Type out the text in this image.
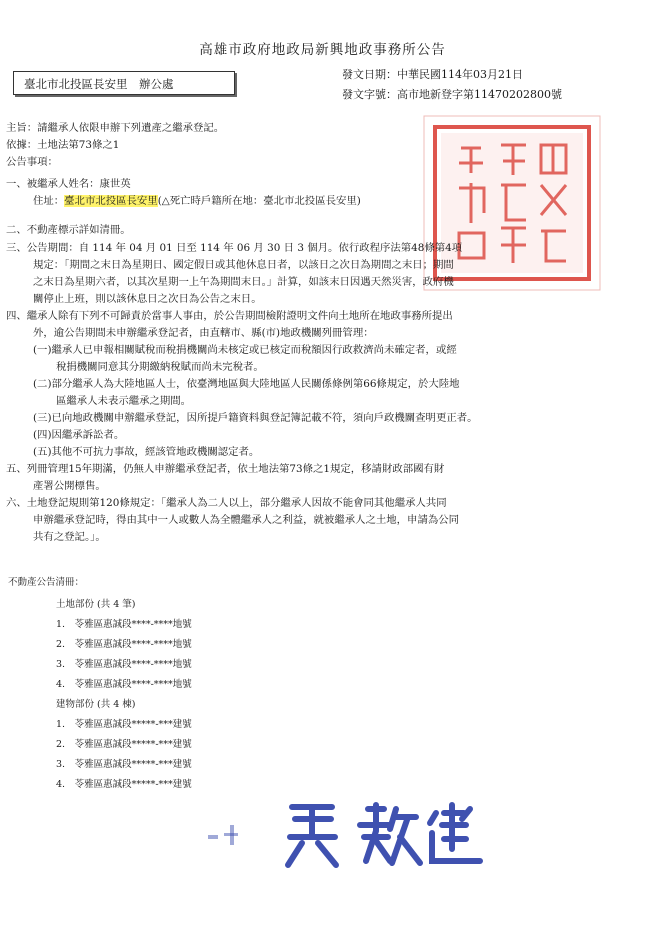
高雄市政府地政局新興地政事務所公告
臺北市北投區長安里　辦公處
發文日期：中華民國114年03月21日
發文字號：高市地新登字第11470202800號
主旨：請繼承人依限申辦下列遺產之繼承登記。
依據：土地法第73條之1
公告事項：
一、被繼承人姓名：康世英
住址：臺北市北投區長安里(△死亡時戶籍所在地：臺北市北投區長安里)
二、不動產標示詳如清冊。
三、公告期間：自 114 年 04 月 01 日至 114 年 06 月 30 日 3 個月。依行政程序法第48條第4項
規定：「期間之末日為星期日、國定假日或其他休息日者，以該日之次日為期間之末日；期間
之末日為星期六者，以其次星期一上午為期間末日。」計算，如該末日因遇天然災害，政府機
關停止上班，則以該休息日之次日為公告之末日。
四、繼承人除有下列不可歸責於當事人事由，於公告期間檢附證明文件向土地所在地政事務所提出
外，逾公告期間未申辦繼承登記者，由直轄市、縣(市)地政機關列冊管理：
(一)繼承人已申報相關賦稅而稅捐機關尚未核定或已核定而稅額因行政救濟尚未確定者，或經
稅捐機關同意其分期繳納稅賦而尚未完稅者。
(二)部分繼承人為大陸地區人士，依臺灣地區與大陸地區人民關係條例第66條規定，於大陸地
區繼承人未表示繼承之期間。
(三)已向地政機關申辦繼承登記，因所提戶籍資料與登記簿記載不符，須向戶政機關查明更正者。
(四)因繼承訴訟者。
(五)其他不可抗力事故，經該管地政機關認定者。
五、列冊管理15年期滿，仍無人申辦繼承登記者，依土地法第73條之1規定，移請財政部國有財
產署公開標售。
六、土地登記規則第120條規定：「繼承人為二人以上，部分繼承人因故不能會同其他繼承人共同
申辦繼承登記時，得由其中一人或數人為全體繼承人之利益，就被繼承人之土地，申請為公同
共有之登記。」。
不動產公告清冊：
土地部份 (共 4 筆)
1.　苓雅區惠誠段****-****地號
2.　苓雅區惠誠段****-****地號
3.　苓雅區惠誠段****-****地號
4.　苓雅區惠誠段****-****地號
建物部份 (共 4 棟)
1.　苓雅區惠誠段*****-***建號
2.　苓雅區惠誠段*****-***建號
3.　苓雅區惠誠段*****-***建號
4.　苓雅區惠誠段*****-***建號
